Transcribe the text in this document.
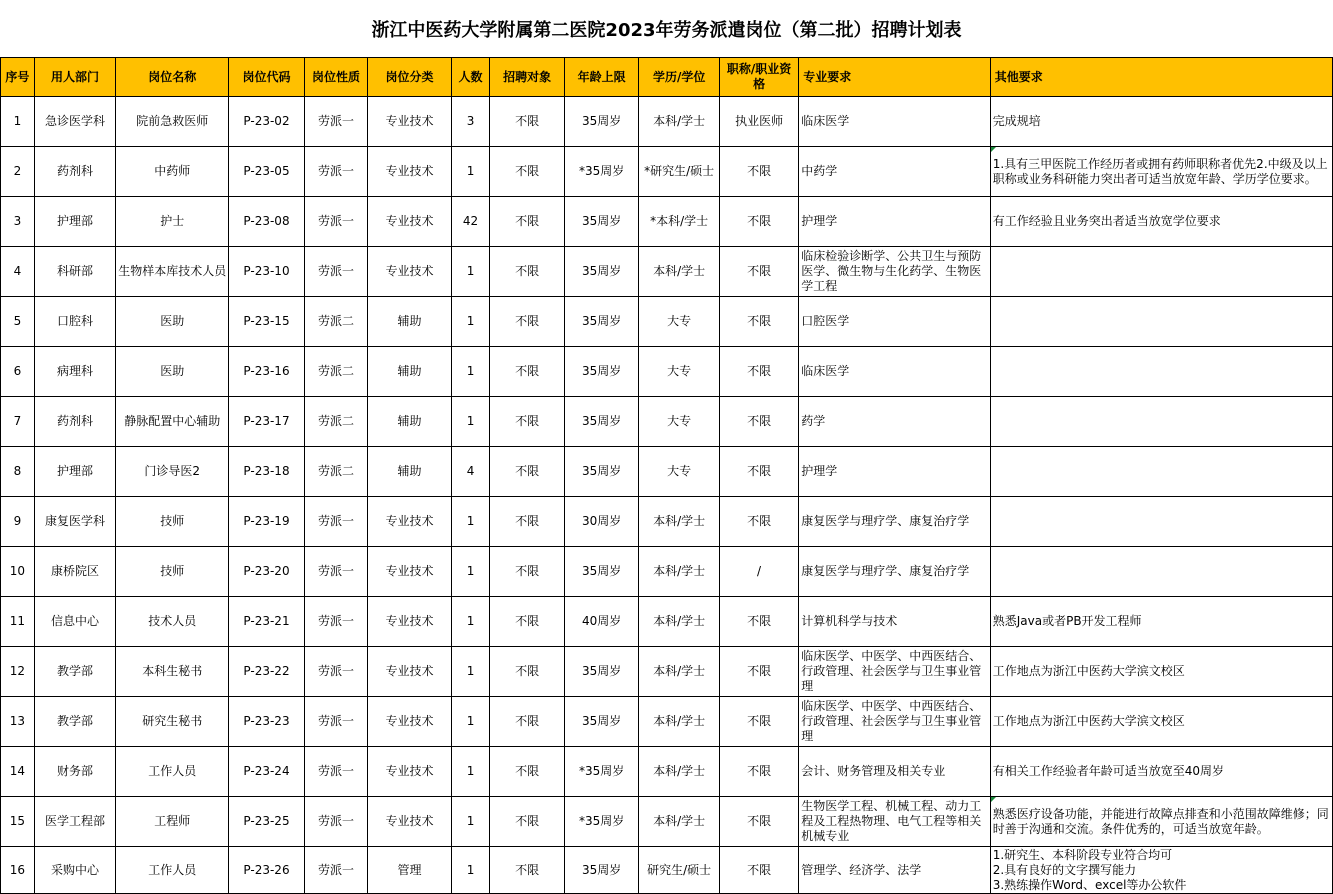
浙江中医药大学附属第二医院2023年劳务派遣岗位（第二批）招聘计划表
序号	用人部门	岗位名称	岗位代码	岗位性质	岗位分类	人数	招聘对象	年龄上限	学历/学位	职称/职业资格	专业要求	其他要求
1	急诊医学科	院前急救医师	P-23-02	劳派一	专业技术	3	不限	35周岁	本科/学士	执业医师	临床医学	完成规培
2	药剂科	中药师	P-23-05	劳派一	专业技术	1	不限	*35周岁	*研究生/硕士	不限	中药学	1.具有三甲医院工作经历者或拥有药师职称者优先2.中级及以上职称或业务科研能力突出者可适当放宽年龄、学历学位要求。
3	护理部	护士	P-23-08	劳派一	专业技术	42	不限	35周岁	*本科/学士	不限	护理学	有工作经验且业务突出者适当放宽学位要求
4	科研部	生物样本库技术人员	P-23-10	劳派一	专业技术	1	不限	35周岁	本科/学士	不限	临床检验诊断学、公共卫生与预防医学、微生物与生化药学、生物医学工程	
5	口腔科	医助	P-23-15	劳派二	辅助	1	不限	35周岁	大专	不限	口腔医学	
6	病理科	医助	P-23-16	劳派二	辅助	1	不限	35周岁	大专	不限	临床医学	
7	药剂科	静脉配置中心辅助	P-23-17	劳派二	辅助	1	不限	35周岁	大专	不限	药学	
8	护理部	门诊导医2	P-23-18	劳派二	辅助	4	不限	35周岁	大专	不限	护理学	
9	康复医学科	技师	P-23-19	劳派一	专业技术	1	不限	30周岁	本科/学士	不限	康复医学与理疗学、康复治疗学	
10	康桥院区	技师	P-23-20	劳派一	专业技术	1	不限	35周岁	本科/学士	/	康复医学与理疗学、康复治疗学	
11	信息中心	技术人员	P-23-21	劳派一	专业技术	1	不限	40周岁	本科/学士	不限	计算机科学与技术	熟悉Java或者PB开发工程师
12	教学部	本科生秘书	P-23-22	劳派一	专业技术	1	不限	35周岁	本科/学士	不限	临床医学、中医学、中西医结合、行政管理、社会医学与卫生事业管理	工作地点为浙江中医药大学滨文校区
13	教学部	研究生秘书	P-23-23	劳派一	专业技术	1	不限	35周岁	本科/学士	不限	临床医学、中医学、中西医结合、行政管理、社会医学与卫生事业管理	工作地点为浙江中医药大学滨文校区
14	财务部	工作人员	P-23-24	劳派一	专业技术	1	不限	*35周岁	本科/学士	不限	会计、财务管理及相关专业	有相关工作经验者年龄可适当放宽至40周岁
15	医学工程部	工程师	P-23-25	劳派一	专业技术	1	不限	*35周岁	本科/学士	不限	生物医学工程、机械工程、动力工程及工程热物理、电气工程等相关机械专业	熟悉医疗设备功能，并能进行故障点排查和小范围故障维修；同时善于沟通和交流。条件优秀的，可适当放宽年龄。
16	采购中心	工作人员	P-23-26	劳派一	管理	1	不限	35周岁	研究生/硕士	不限	管理学、经济学、法学	1.研究生、本科阶段专业符合均可
2.具有良好的文字撰写能力
3.熟练操作Word、excel等办公软件
